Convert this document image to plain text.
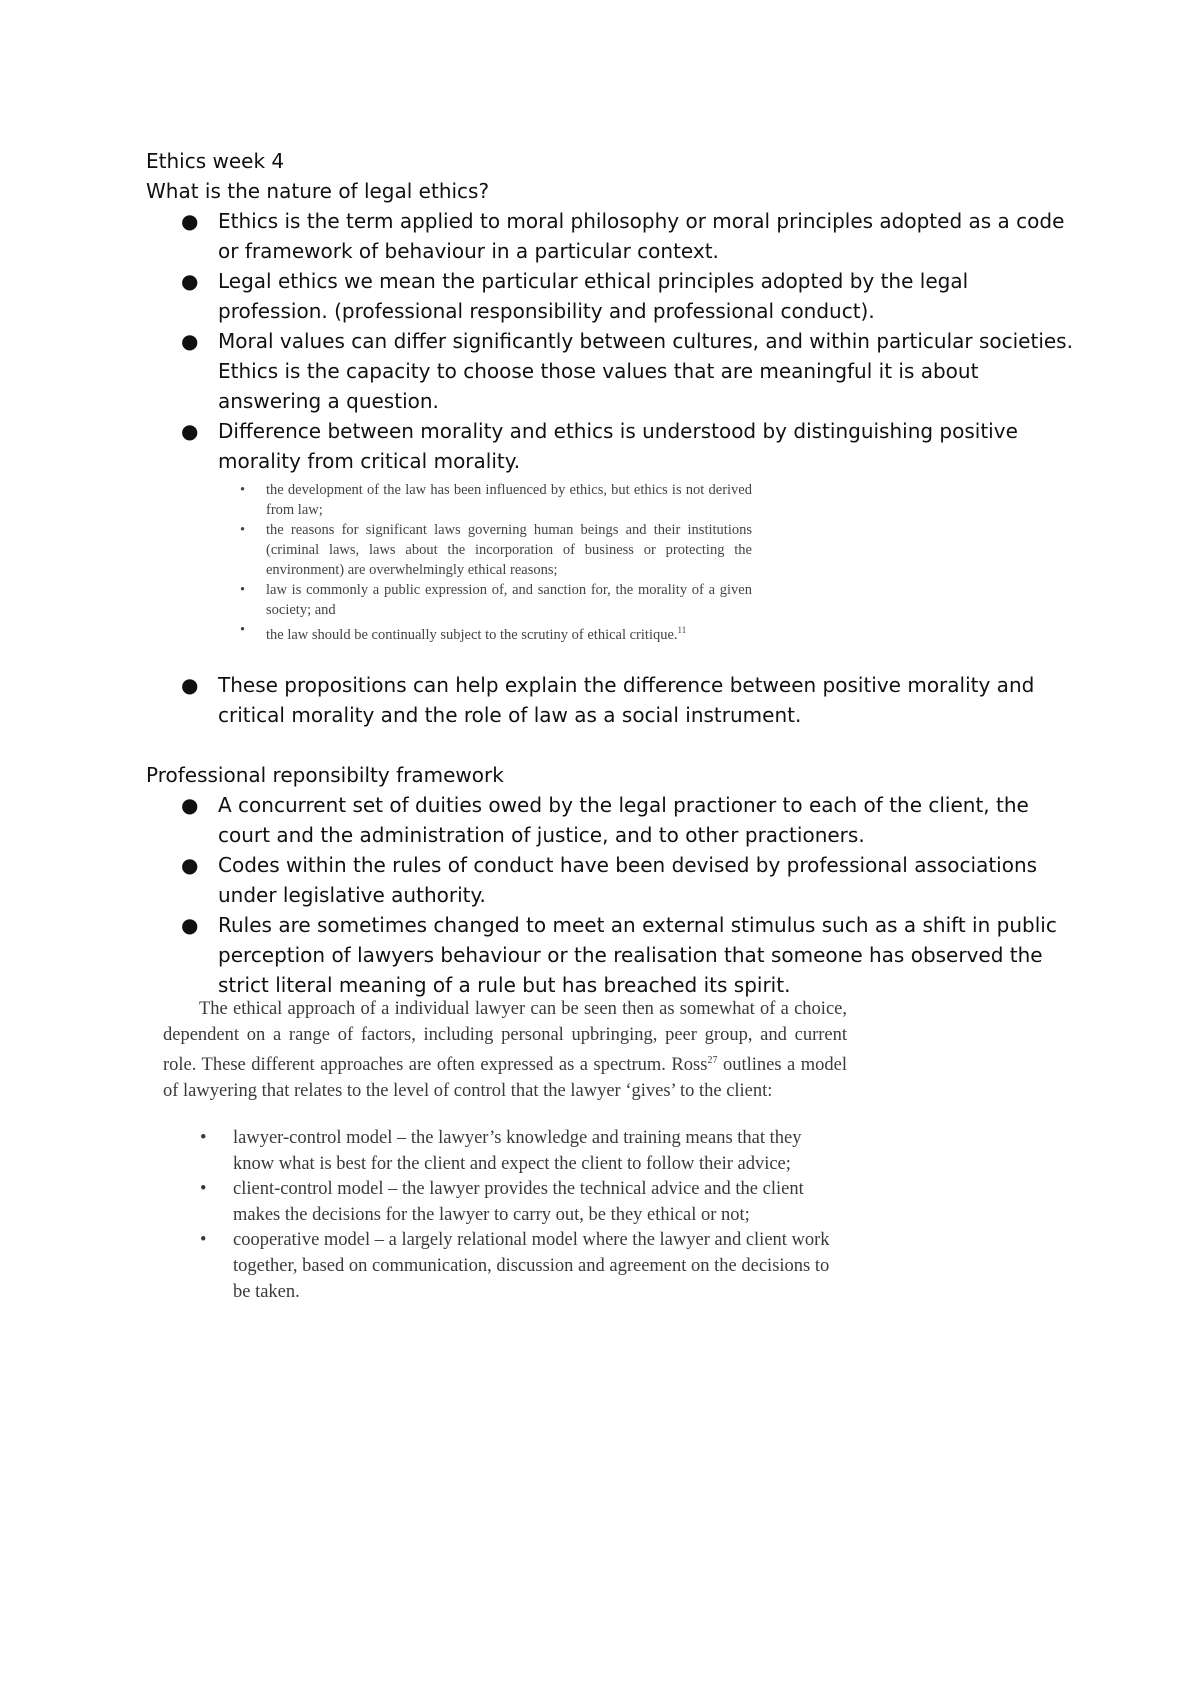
Ethics week 4
What is the nature of legal ethics?
● Ethics is the term applied to moral philosophy or moral principles adopted as a code or framework of behaviour in a particular context.
● Legal ethics we mean the particular ethical principles adopted by the legal profession. (professional responsibility and professional conduct).
● Moral values can differ significantly between cultures, and within particular societies. Ethics is the capacity to choose those values that are meaningful it is about answering a question.
● Difference between morality and ethics is understood by distinguishing positive morality from critical morality.
• the development of the law has been influenced by ethics, but ethics is not derived from law;
• the reasons for significant laws governing human beings and their institutions (criminal laws, laws about the incorporation of business or protecting the environment) are overwhelmingly ethical reasons;
• law is commonly a public expression of, and sanction for, the morality of a given society; and
• the law should be continually subject to the scrutiny of ethical critique.$^{11}$
● These propositions can help explain the difference between positive morality and critical morality and the role of law as a social instrument.
Professional reponsibilty framework
● A concurrent set of duities owed by the legal practioner to each of the client, the court and the administration of justice, and to other practioners.
● Codes within the rules of conduct have been devised by professional associations under legislative authority.
● Rules are sometimes changed to meet an external stimulus such as a shift in public perception of lawyers behaviour or the realisation that someone has observed the strict literal meaning of a rule but has breached its spirit.

The ethical approach of a individual lawyer can be seen then as somewhat of a choice, dependent on a range of factors, including personal upbringing, peer group, and current role. These different approaches are often expressed as a spectrum. Ross$^{27}$ outlines a model of lawyering that relates to the level of control that the lawyer ‘gives’ to the client:

• lawyer-control model – the lawyer’s knowledge and training means that they know what is best for the client and expect the client to follow their advice;
• client-control model – the lawyer provides the technical advice and the client makes the decisions for the lawyer to carry out, be they ethical or not;
• cooperative model – a largely relational model where the lawyer and client work together, based on communication, discussion and agreement on the decisions to be taken.
